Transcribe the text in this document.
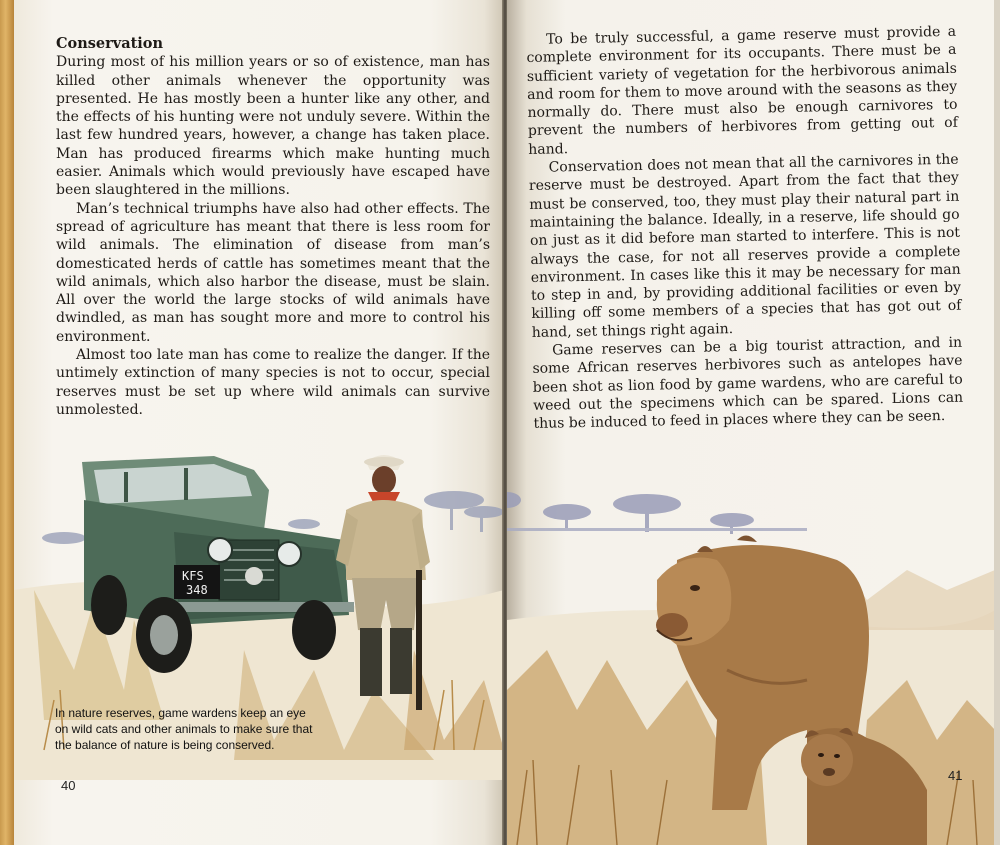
Conservation

During most of his million years or so of existence, man has killed other animals whenever the opportunity was presented. He has mostly been a hunter like any other, and the effects of his hunting were not unduly severe. Within the last few hundred years, however, a change has taken place. Man has produced firearms which make hunting much easier. Animals which would previously have escaped have been slaughtered in the millions.

Man’s technical triumphs have also had other effects. The spread of agriculture has meant that there is less room for wild animals. The elimination of disease from man’s domesticated herds of cattle has sometimes meant that the wild animals, which also harbor the disease, must be slain. All over the world the large stocks of wild animals have dwindled, as man has sought more and more to control his environment.

Almost too late man has come to realize the danger. If the untimely extinction of many species is not to occur, special reserves must be set up where wild animals can survive unmolested.

KFS
348
In nature reserves, game wardens keep an eye on wild cats and other animals to make sure that the balance of nature is being conserved.
40

To be truly successful, a game reserve must provide a complete environment for its occupants. There must be a sufficient variety of vegetation for the herbivorous animals and room for them to move around with the seasons as they normally do. There must also be enough carnivores to prevent the numbers of herbivores from getting out of hand.

Conservation does not mean that all the carnivores in the reserve must be destroyed. Apart from the fact that they must be conserved, too, they must play their natural part in maintaining the balance. Ideally, in a reserve, life should go on just as it did before man started to interfere. This is not always the case, for not all reserves provide a complete environment. In cases like this it may be necessary for man to step in and, by providing additional facilities or even by killing off some members of a species that has got out of hand, set things right again.

Game reserves can be a big tourist attraction, and in some African reserves herbivores such as antelopes have been shot as lion food by game wardens, who are careful to weed out the specimens which can be spared. Lions can thus be induced to feed in places where they can be seen.

41
